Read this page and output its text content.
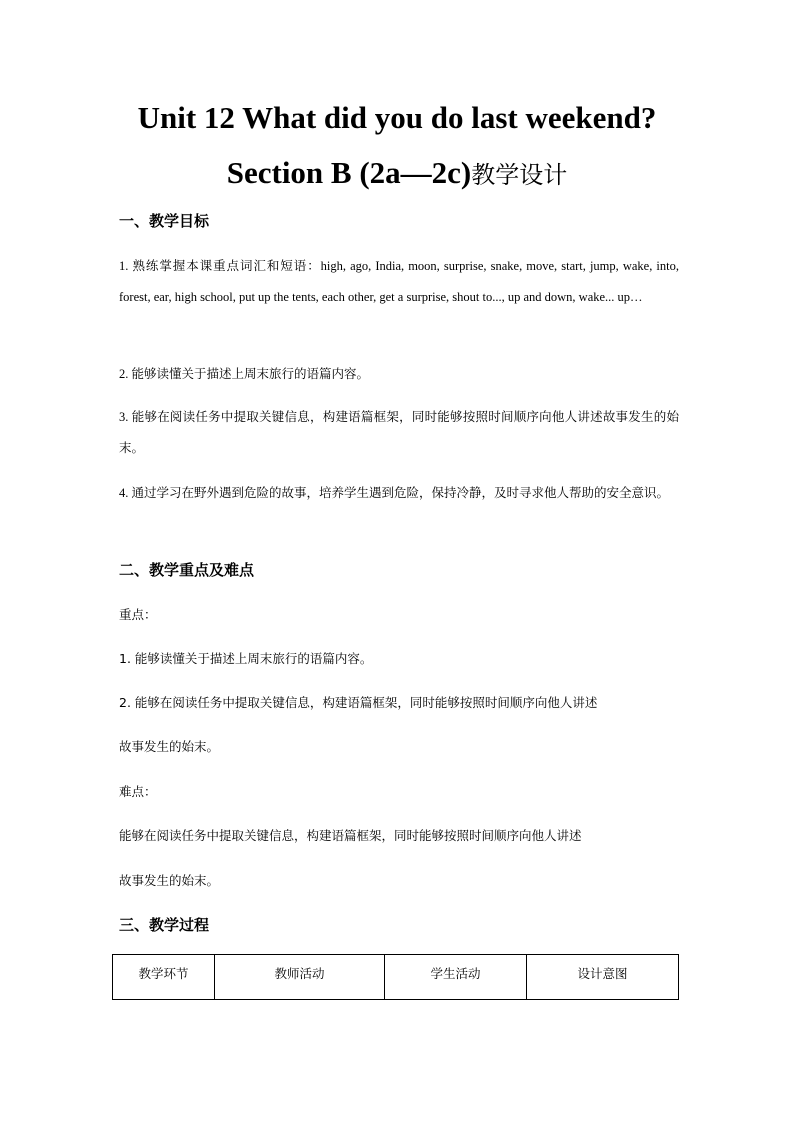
Unit 12 What did you do last weekend?
Section B (2a—2c)教学设计
一、教学目标
1. 熟练掌握本课重点词汇和短语：high, ago, India, moon, surprise, snake, move, start, jump, wake, into, forest, ear, high school, put up the tents, each other, get a surprise, shout to..., up and down, wake... up…
2. 能够读懂关于描述上周末旅行的语篇内容。
3. 能够在阅读任务中提取关键信息，构建语篇框架，同时能够按照时间顺序向他人讲述故事发生的始末。
4. 通过学习在野外遇到危险的故事，培养学生遇到危险，保持冷静，及时寻求他人帮助的安全意识。
二、教学重点及难点
重点：
1. 能够读懂关于描述上周末旅行的语篇内容。
2. 能够在阅读任务中提取关键信息，构建语篇框架，同时能够按照时间顺序向他人讲述
故事发生的始末。
难点：
能够在阅读任务中提取关键信息，构建语篇框架，同时能够按照时间顺序向他人讲述
故事发生的始末。
三、教学过程
教学环节	教师活动	学生活动	设计意图
